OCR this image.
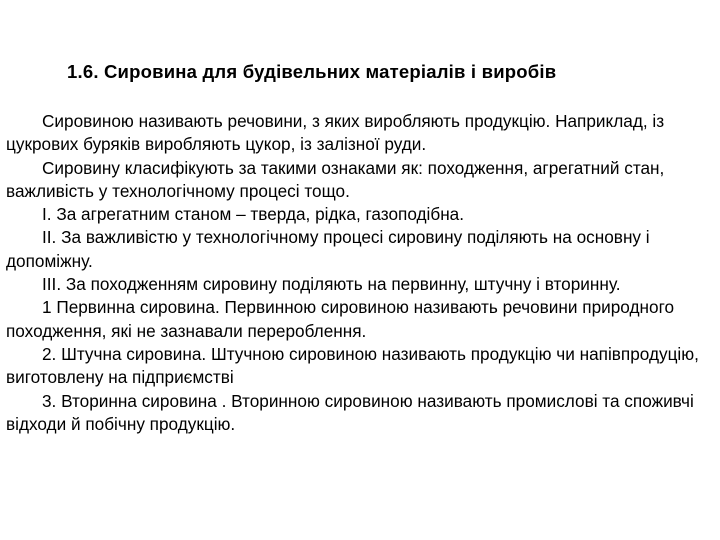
1.6. Сировина для будівельних матеріалів і виробів

Сировиною називають речовини, з яких виробляють продукцію. Наприклад, із цукрових буряків виробляють цукор, із залізної руди.

Сировину класифікують за такими ознаками як: походження, агрегатний стан, важливість у технологічному процесі тощо.

I. За агрегатним станом – тверда, рідка, газоподібна.

II. За важливістю у технологічному процесі сировину поділяють на основну і допоміжну.

III. За походженням сировину поділяють на первинну, штучну і вторинну.

1 Первинна сировина. Первинною сировиною називають речовини природного походження, які не зазнавали перероблення.

2. Штучна сировина. Штучною сировиною називають продукцію чи напівпродуцію, виготовлену на підприємстві

3. Вторинна сировина . Вторинною сировиною називають промислові та споживчі відходи й побічну продукцію.
